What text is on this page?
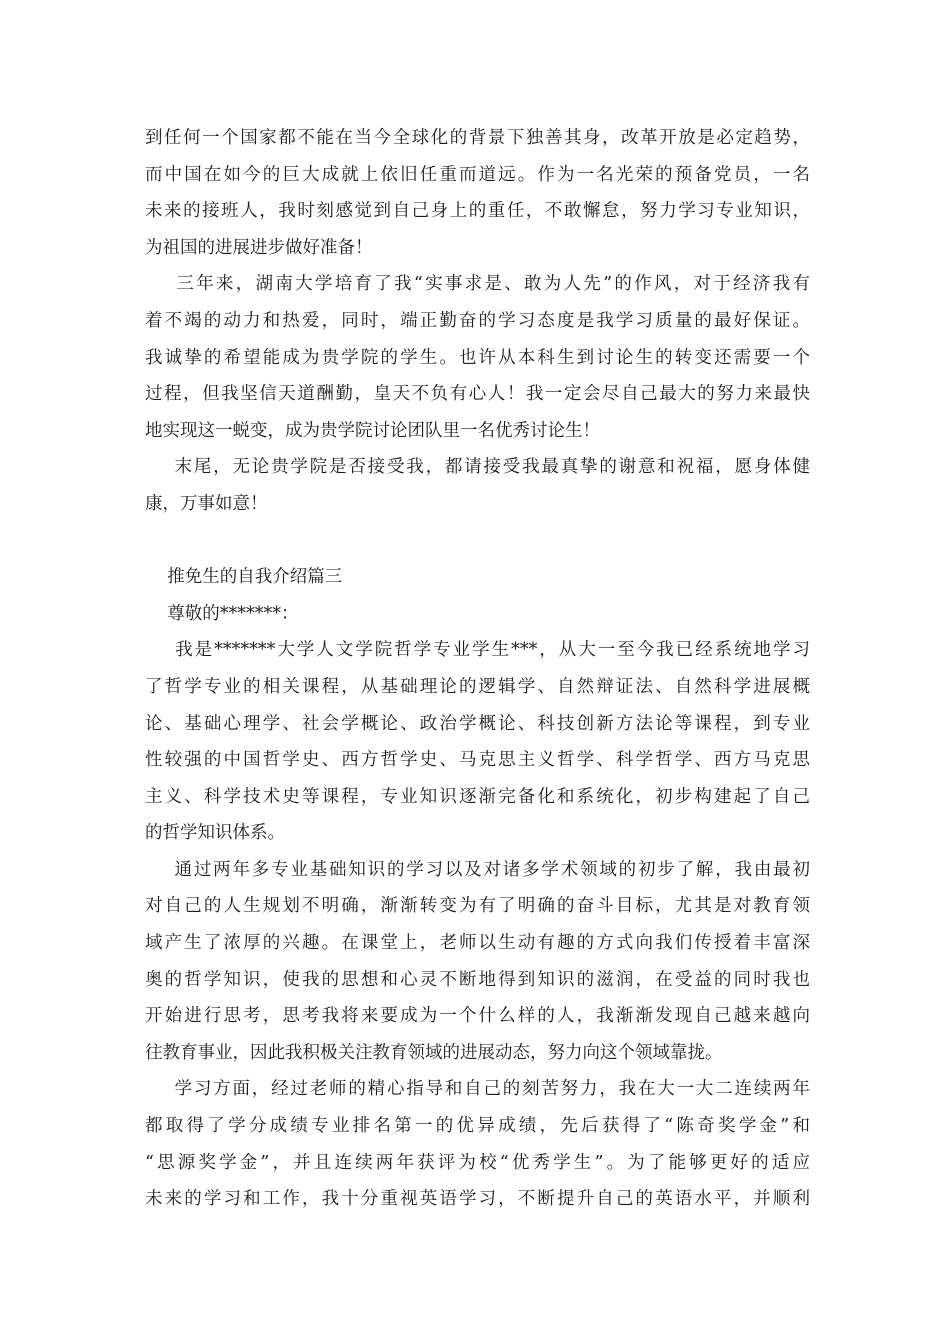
到任何一个国家都不能在当今全球化的背景下独善其身，改革开放是必定趋势，
而中国在如今的巨大成就上依旧任重而道远。作为一名光荣的预备党员，一名
未来的接班人，我时刻感觉到自己身上的重任，不敢懈怠，努力学习专业知识，
为祖国的进展进步做好准备！
三年来，湖南大学培育了我“实事求是、敢为人先”的作风，对于经济我有
着不竭的动力和热爱，同时，端正勤奋的学习态度是我学习质量的最好保证。
我诚挚的希望能成为贵学院的学生。也许从本科生到讨论生的转变还需要一个
过程，但我坚信天道酬勤，皇天不负有心人！我一定会尽自己最大的努力来最快
地实现这一蜕变，成为贵学院讨论团队里一名优秀讨论生！
末尾，无论贵学院是否接受我，都请接受我最真挚的谢意和祝福，愿身体健
康，万事如意！
推免生的自我介绍篇三
尊敬的*******：
我是*******大学人文学院哲学专业学生***，从大一至今我已经系统地学习
了哲学专业的相关课程，从基础理论的逻辑学、自然辩证法、自然科学进展概
论、基础心理学、社会学概论、政治学概论、科技创新方法论等课程，到专业
性较强的中国哲学史、西方哲学史、马克思主义哲学、科学哲学、西方马克思
主义、科学技术史等课程，专业知识逐渐完备化和系统化，初步构建起了自己
的哲学知识体系。
通过两年多专业基础知识的学习以及对诸多学术领域的初步了解，我由最初
对自己的人生规划不明确，渐渐转变为有了明确的奋斗目标，尤其是对教育领
域产生了浓厚的兴趣。在课堂上，老师以生动有趣的方式向我们传授着丰富深
奥的哲学知识，使我的思想和心灵不断地得到知识的滋润，在受益的同时我也
开始进行思考，思考我将来要成为一个什么样的人，我渐渐发现自己越来越向
往教育事业，因此我积极关注教育领域的进展动态，努力向这个领域靠拢。
学习方面，经过老师的精心指导和自己的刻苦努力，我在大一大二连续两年
都取得了学分成绩专业排名第一的优异成绩，先后获得了“陈奇奖学金”和
“思源奖学金”，并且连续两年获评为校“优秀学生”。为了能够更好的适应
未来的学习和工作，我十分重视英语学习，不断提升自己的英语水平，并顺利
